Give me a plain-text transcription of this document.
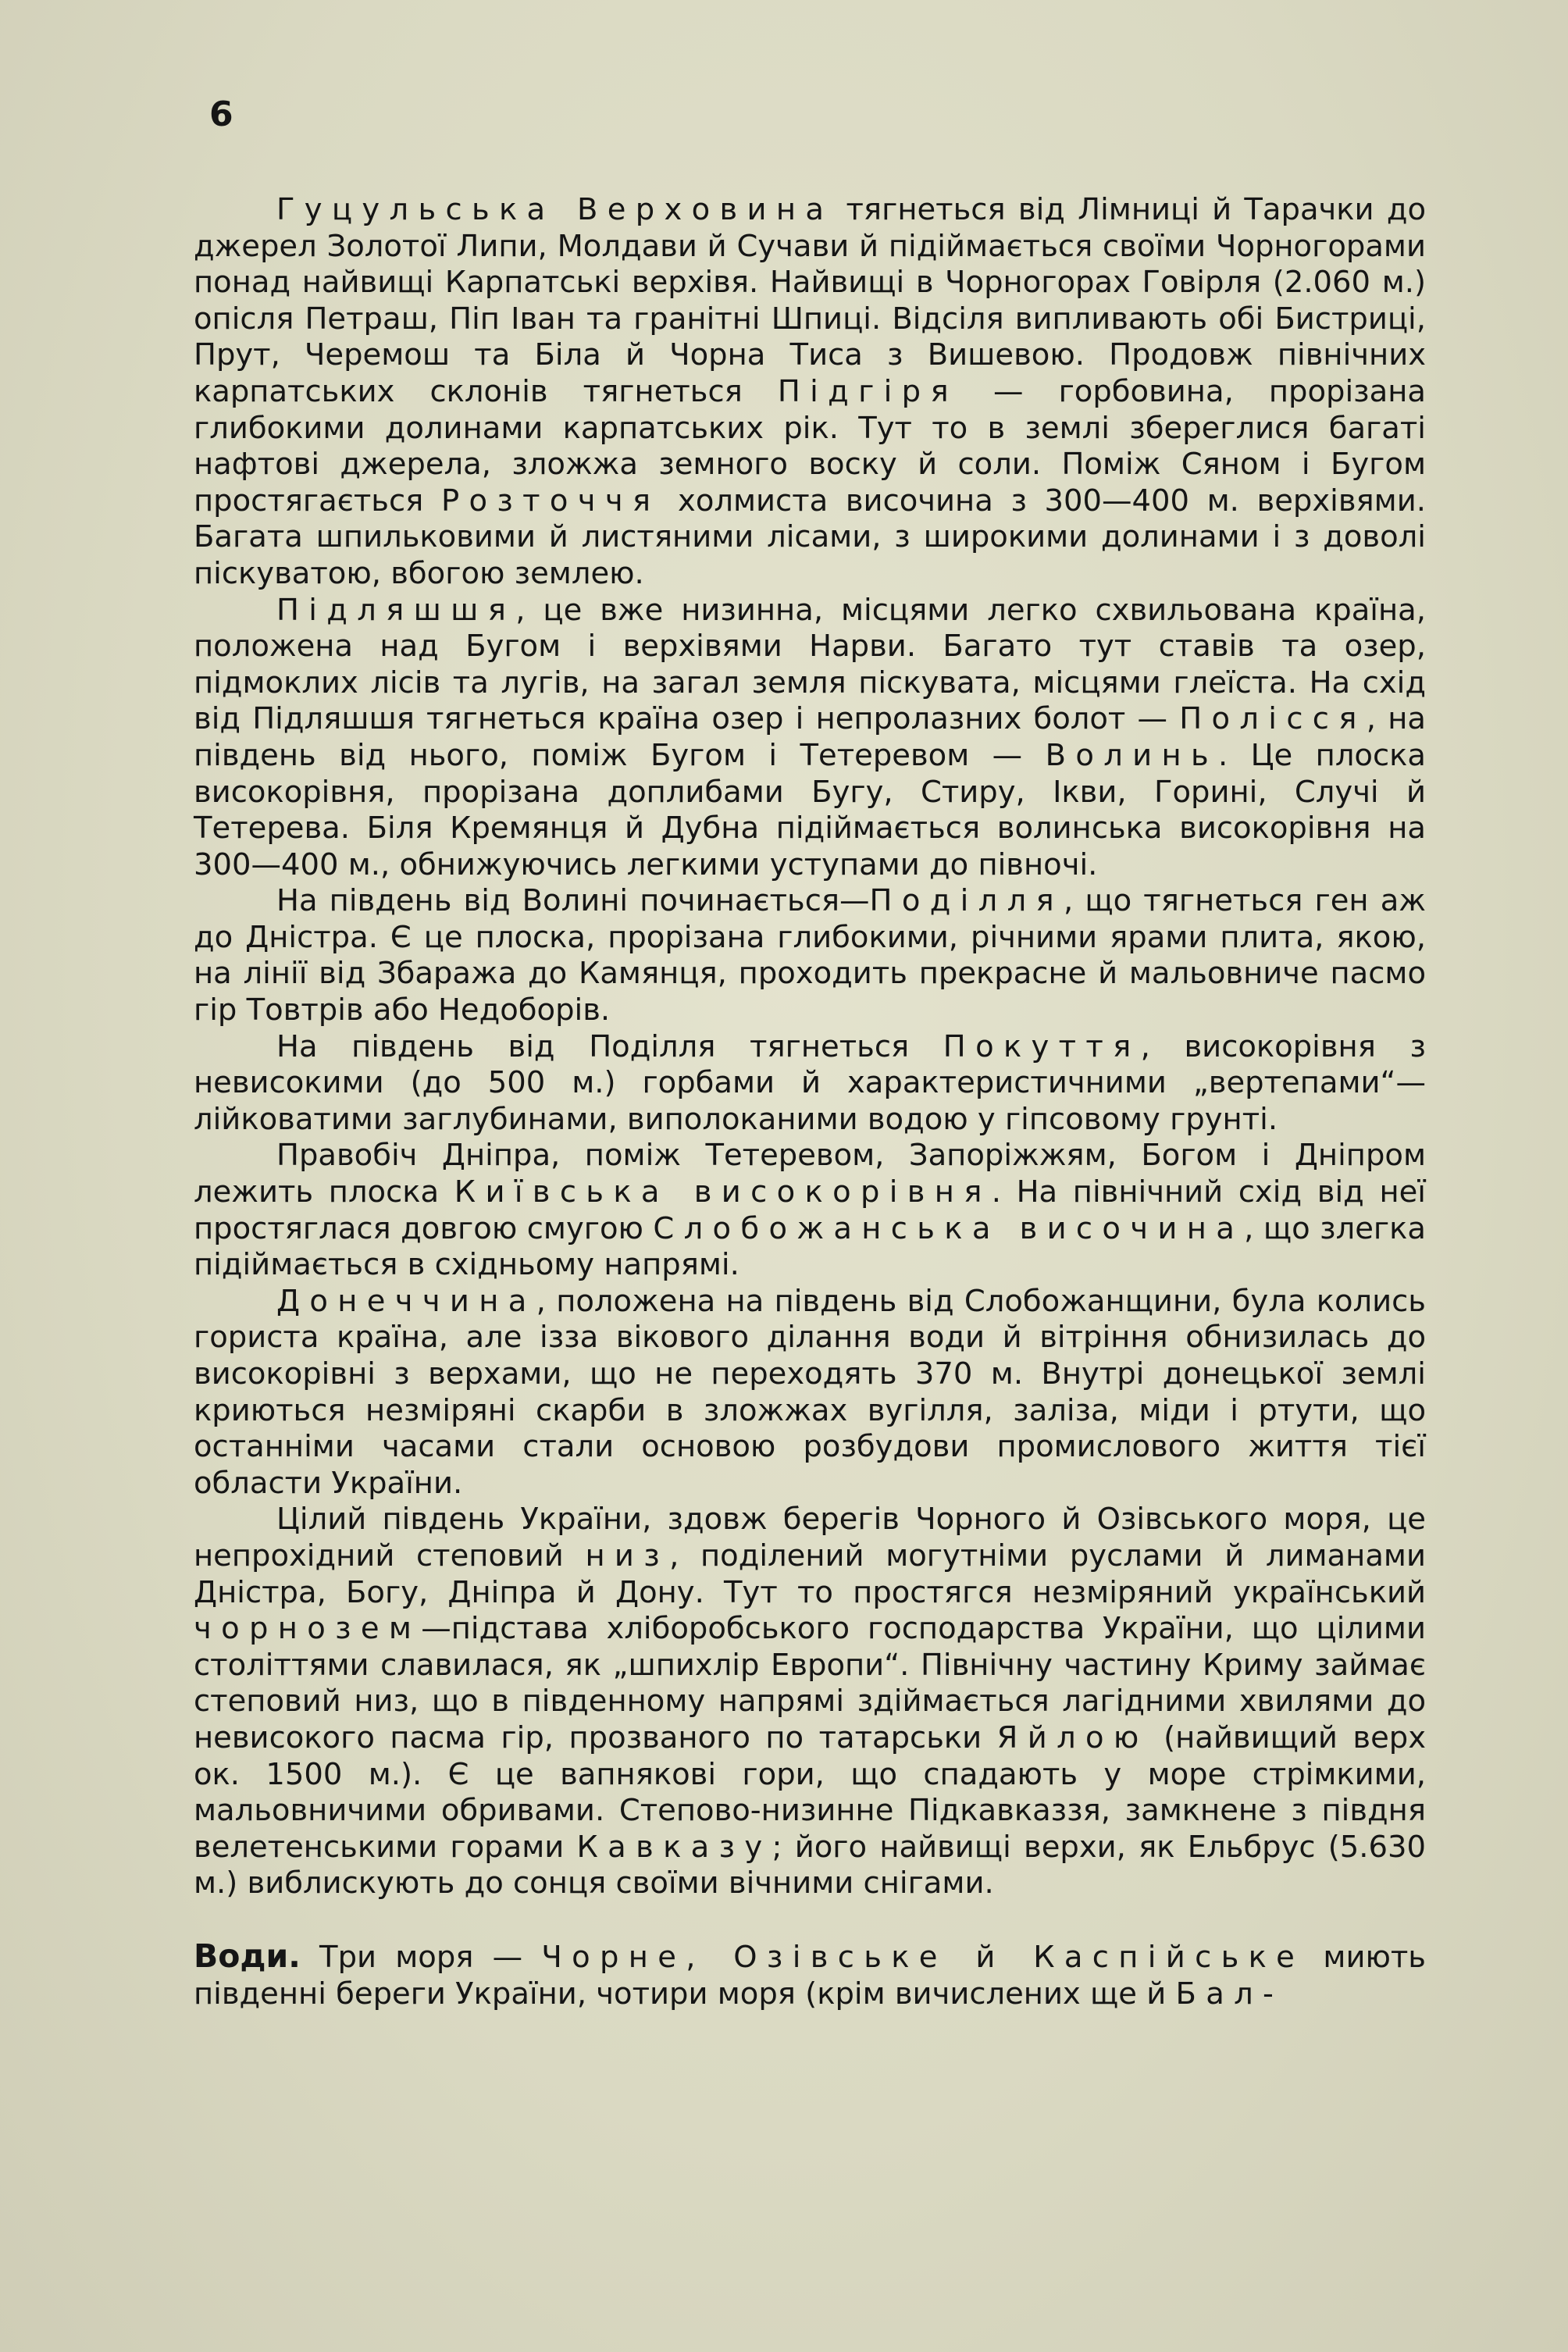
6

Гуцульська Верховина тягнеться від Лімниці й Тарачки до джерел Золотої Липи, Молдави й Сучави й підіймається своїми Чорногорами понад найвищі Карпатські верхівя. Найвищі в Чорногорах Говірля (2.060 м.) опісля Петраш, Піп Іван та гранітні Шпиці. Відсіля випливають обі Бистриці, Прут, Черемош та Біла й Чорна Тиса з Вишевою. Продовж північних карпатських склонів тягнеться Підгіря — горбовина, прорізана глибокими долинами карпатських рік. Тут то в землі збереглися багаті нафтові джерела, зложжа земного воску й соли. Поміж Сяном і Бугом простягається Розточчя холмиста височина з 300—400 м. верхівями. Багата шпильковими й листяними лісами, з широкими долинами і з доволі піскуватою, вбогою землею.

Підляшшя, це вже низинна, місцями легко схвильована країна, положена над Бугом і верхівями Нарви. Багато тут ставів та озер, підмоклих лісів та лугів, на загал земля піскувата, місцями глеїста. На схід від Підляшшя тягнеться країна озер і непролазних болот — Полісся, на південь від нього, поміж Бугом і Тетеревом — Волинь. Це плоска високорівня, прорізана доплибами Бугу, Стиру, Ікви, Горині, Случі й Тетерева. Біля Кремянця й Дубна підіймається волинська високорівня на 300—400 м., обнижуючись легкими уступами до півночі.

На південь від Волині починається—Поділля, що тягнеться ген аж до Дністра. Є це плоска, прорізана глибокими, річними ярами плита, якою, на лінії від Збаража до Камянця, проходить прекрасне й мальовниче пасмо гір Товтрів або Недоборів.

На південь від Поділля тягнеться Покуття, високорівня з невисокими (до 500 м.) горбами й характеристичними „вертепами“—лійковатими заглубинами, виполоканими водою у гіпсовому грунті.

Правобіч Дніпра, поміж Тетеревом, Запоріжжям, Богом і Дніпром лежить плоска Київська високорівня. На північний схід від неї простяглася довгою смугою Слобожанська височина, що злегка підіймається в східньому напрямі.

Донеччина, положена на південь від Слобожанщини, була колись гориста країна, але ізза вікового ділання води й вітріння обнизилась до високорівні з верхами, що не переходять 370 м. Внутрі донецької землі криються незміряні скарби в зложжах вугілля, заліза, міди і ртути, що останніми часами стали основою розбудови промислового життя тієї области України.

Цілий південь України, здовж берегів Чорного й Озівського моря, це непрохідний степовий низ, поділений могутніми руслами й лиманами Дністра, Богу, Дніпра й Дону. Тут то простягся незміряний український чорнозем—підстава хліборобського господарства України, що цілими століттями славилася, як „шпихлір Европи“. Північну частину Криму займає степовий низ, що в південному напрямі здіймається лагідними хвилями до невисокого пасма гір, прозваного по татарськи Яйлою (найвищий верх ок. 1500 м.). Є це вапнякові гори, що спадають у море стрімкими, мальовничими обривами. Степово-низинне Підкавказзя, замкнене з півдня велетенськими горами Кавказу; його найвищі верхи, як Ельбрус (5.630 м.) виблискують до сонця своїми вічними снігами.

Води. Три моря — Чорне, Озівське й Каспійське миють південні береги України, чотири моря (крім вичислених ще й Бал-
